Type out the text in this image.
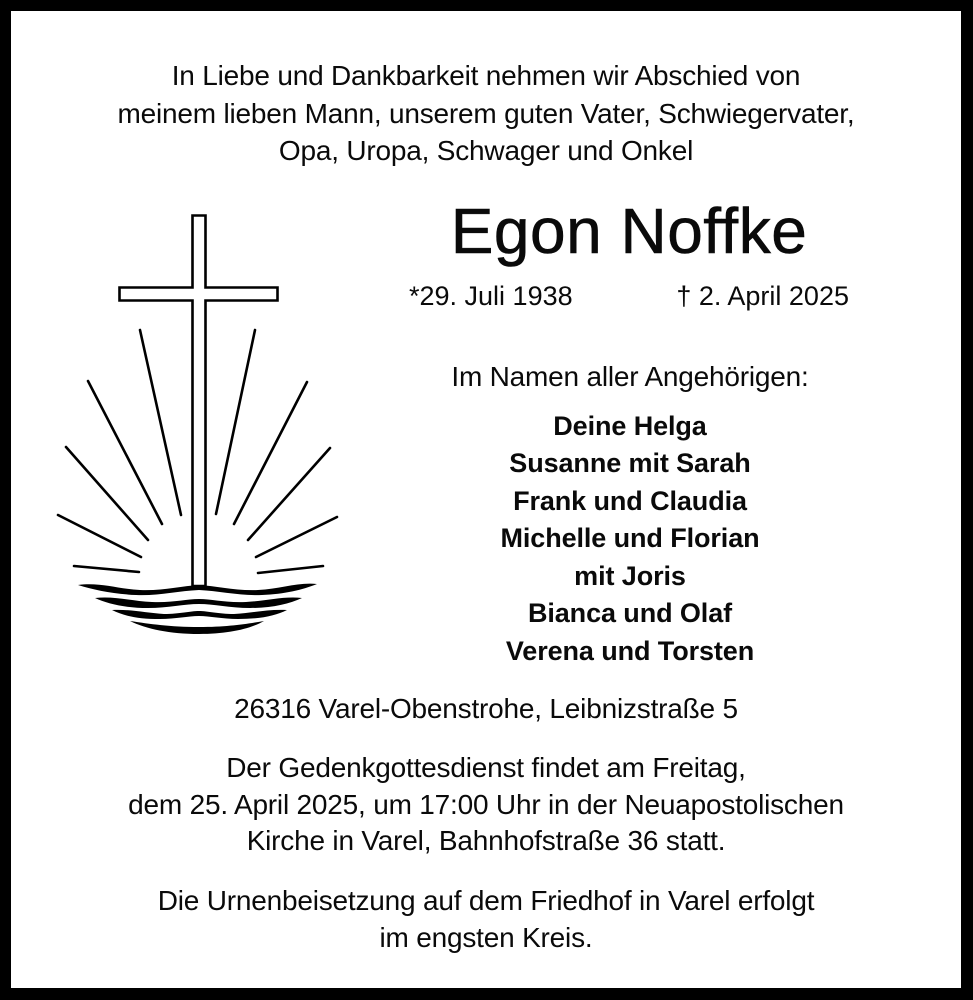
In Liebe und Dankbarkeit nehmen wir Abschied von
meinem lieben Mann, unserem guten Vater, Schwiegervater,
Opa, Uropa, Schwager und Onkel
Egon Noffke
*29. Juli 1938	† 2. April 2025
Im Namen aller Angehörigen:
Deine Helga
Susanne mit Sarah
Frank und Claudia
Michelle und Florian
mit Joris
Bianca und Olaf
Verena und Torsten
26316 Varel-Obenstrohe, Leibnizstraße 5
Der Gedenkgottesdienst findet am Freitag,
dem 25. April 2025, um 17:00 Uhr in der Neuapostolischen
Kirche in Varel, Bahnhofstraße 36 statt.
Die Urnenbeisetzung auf dem Friedhof in Varel erfolgt
im engsten Kreis.
